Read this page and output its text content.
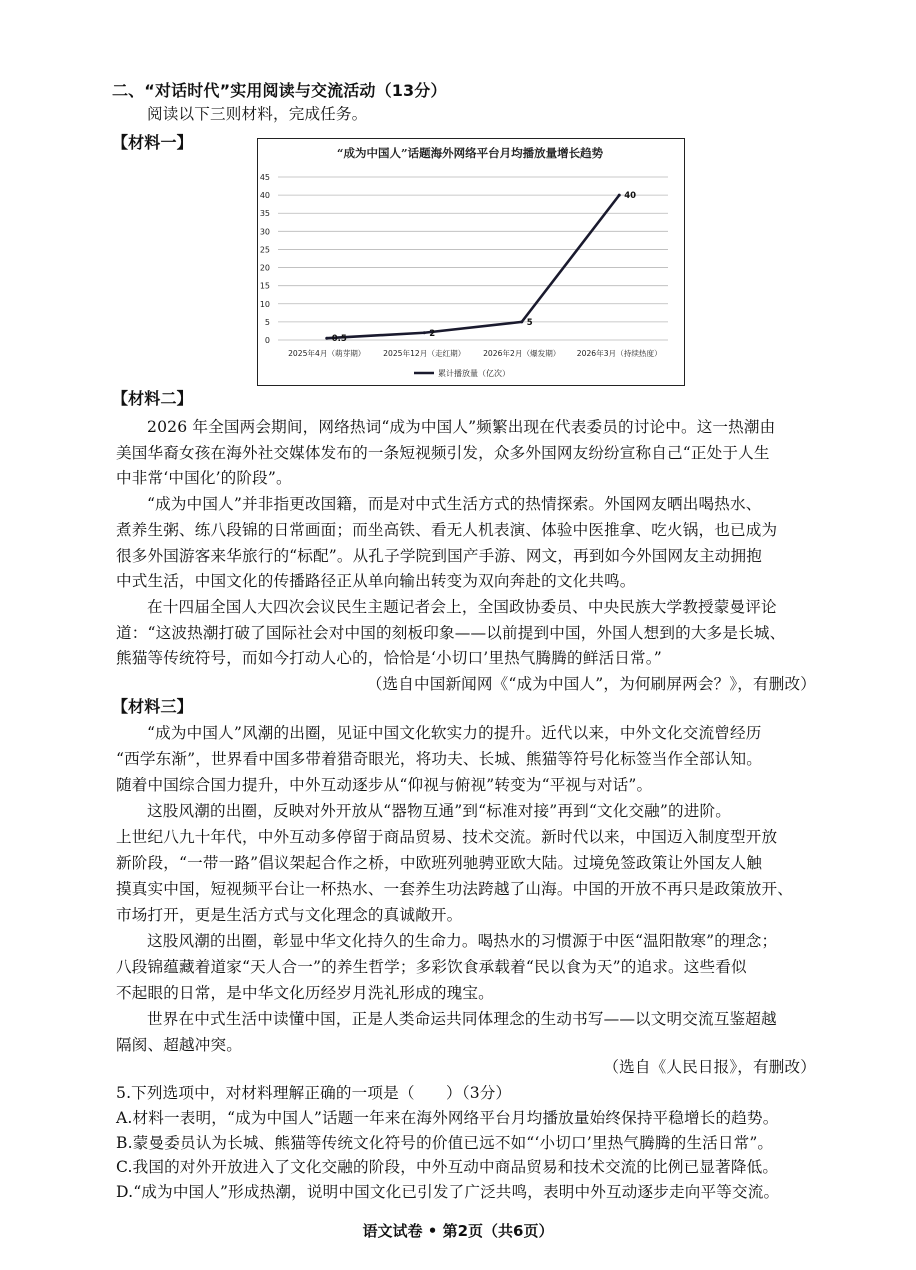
二、“对话时代”实用阅读与交流活动（13分）
阅读以下三则材料，完成任务。
【材料一】
“成为中国人”话题海外网络平台月均播放量增长趋势
0
5
10
15
20
25
30
35
40
45
2025年4月（萌芽期） 2025年12月（走红期） 2026年2月（爆发期） 2026年3月（持续热度）
0.5
2
5
40
累计播放量（亿次）
【材料二】
2026 年全国两会期间，网络热词“成为中国人”频繁出现在代表委员的讨论中。这一热潮由
美国华裔女孩在海外社交媒体发布的一条短视频引发，众多外国网友纷纷宣称自己“正处于人生
中非常‘中国化’的阶段”。
“成为中国人”并非指更改国籍，而是对中式生活方式的热情探索。外国网友晒出喝热水、
煮养生粥、练八段锦的日常画面；而坐高铁、看无人机表演、体验中医推拿、吃火锅，也已成为
很多外国游客来华旅行的“标配”。从孔子学院到国产手游、网文，再到如今外国网友主动拥抱
中式生活，中国文化的传播路径正从单向输出转变为双向奔赴的文化共鸣。
在十四届全国人大四次会议民生主题记者会上，全国政协委员、中央民族大学教授蒙曼评论
道：“这波热潮打破了国际社会对中国的刻板印象——以前提到中国，外国人想到的大多是长城、
熊猫等传统符号，而如今打动人心的，恰恰是‘小切口’里热气腾腾的鲜活日常。”
（选自中国新闻网《“成为中国人”，为何刷屏两会？》，有删改）
【材料三】
“成为中国人”风潮的出圈，见证中国文化软实力的提升。近代以来，中外文化交流曾经历
“西学东渐”，世界看中国多带着猎奇眼光，将功夫、长城、熊猫等符号化标签当作全部认知。
随着中国综合国力提升，中外互动逐步从“仰视与俯视”转变为“平视与对话”。
这股风潮的出圈，反映对外开放从“器物互通”到“标准对接”再到“文化交融”的进阶。
上世纪八九十年代，中外互动多停留于商品贸易、技术交流。新时代以来，中国迈入制度型开放
新阶段，“一带一路”倡议架起合作之桥，中欧班列驰骋亚欧大陆。过境免签政策让外国友人触
摸真实中国，短视频平台让一杯热水、一套养生功法跨越了山海。中国的开放不再只是政策放开、
市场打开，更是生活方式与文化理念的真诚敞开。
这股风潮的出圈，彰显中华文化持久的生命力。喝热水的习惯源于中医“温阳散寒”的理念；
八段锦蕴藏着道家“天人合一”的养生哲学；多彩饮食承载着“民以食为天”的追求。这些看似
不起眼的日常，是中华文化历经岁月洗礼形成的瑰宝。
世界在中式生活中读懂中国，正是人类命运共同体理念的生动书写——以文明交流互鉴超越
隔阂、超越冲突。
（选自《人民日报》，有删改）
5.下列选项中，对材料理解正确的一项是（　　）（3分）
A.材料一表明，“成为中国人”话题一年来在海外网络平台月均播放量始终保持平稳增长的趋势。
B.蒙曼委员认为长城、熊猫等传统文化符号的价值已远不如“‘小切口’里热气腾腾的生活日常”。
C.我国的对外开放进入了文化交融的阶段，中外互动中商品贸易和技术交流的比例已显著降低。
D.“成为中国人”形成热潮，说明中国文化已引发了广泛共鸣，表明中外互动逐步走向平等交流。
语文试卷 • 第2页（共6页）
